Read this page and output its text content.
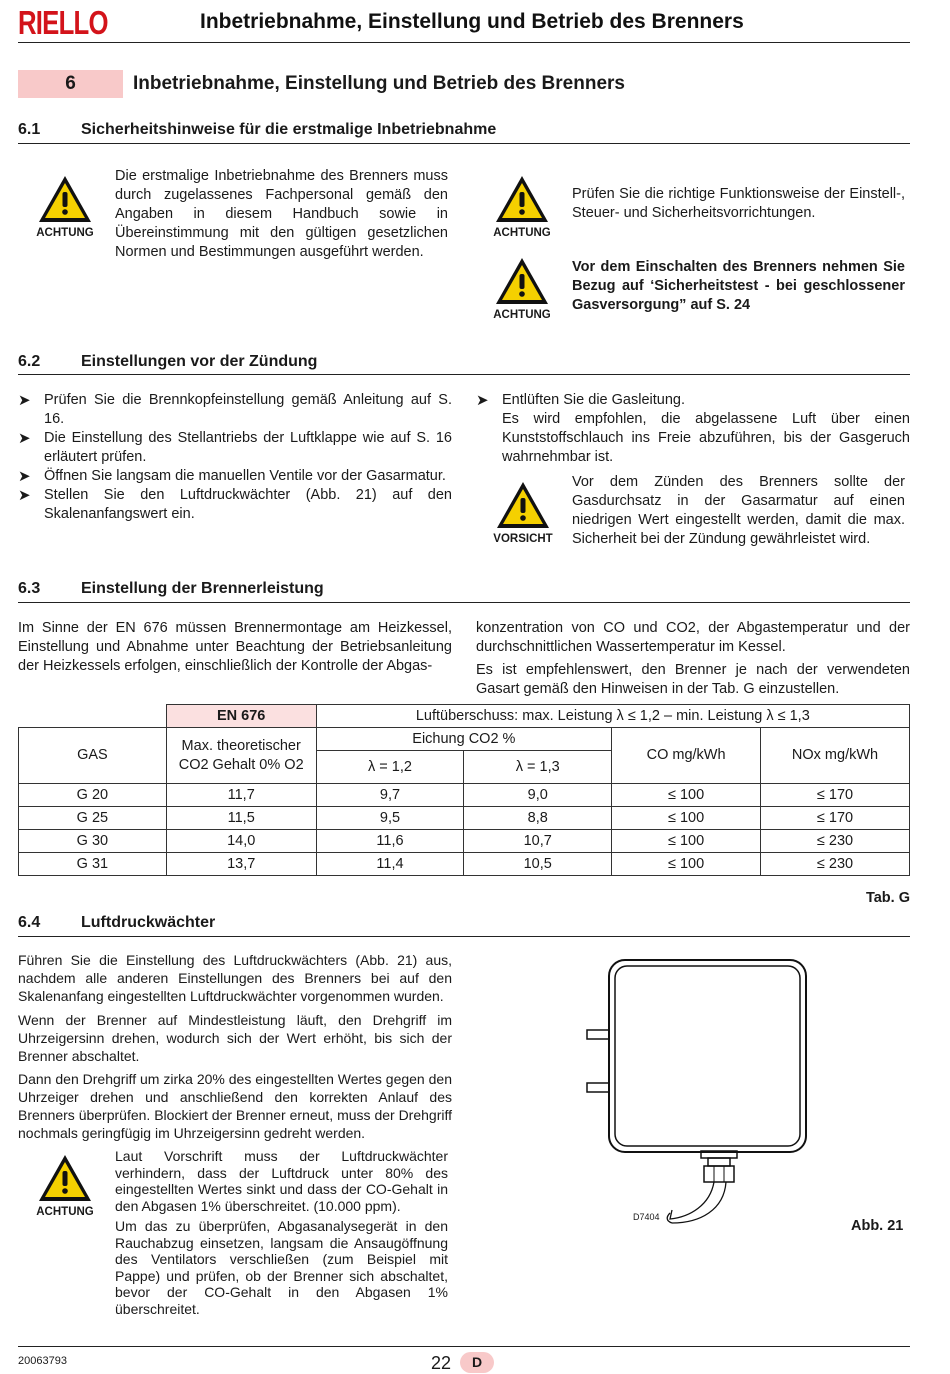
RIELLO	Inbetriebnahme, Einstellung und Betrieb des Brenners
6	Inbetriebnahme, Einstellung und Betrieb des Brenners
6.1	Sicherheitshinweise für die erstmalige Inbetriebnahme
ACHTUNG
Die erstmalige Inbetriebnahme des Brenners muss durch zugelassenes Fachpersonal gemäß den Angaben in diesem Handbuch sowie in Übereinstimmung mit den gültigen gesetzlichen Normen und Bestimmungen ausgeführt werden.
ACHTUNG
Prüfen Sie die richtige Funktionsweise der Einstell-, Steuer- und Sicherheitsvorrichtungen.
ACHTUNG
Vor dem Einschalten des Brenners nehmen Sie Bezug auf ‘Sicherheitstest - bei geschlossener Gasversorgung” auf S. 24
6.2	Einstellungen vor der Zündung
➤ Prüfen Sie die Brennkopfeinstellung gemäß Anleitung auf S. 16.
➤ Die Einstellung des Stellantriebs der Luftklappe wie auf S. 16 erläutert prüfen.
➤ Öffnen Sie langsam die manuellen Ventile vor der Gasarmatur.
➤ Stellen Sie den Luftdruckwächter (Abb. 21) auf den Skalenanfangswert ein.
➤ Entlüften Sie die Gasleitung.
Es wird empfohlen, die abgelassene Luft über einen Kunststoffschlauch ins Freie abzuführen, bis der Gasgeruch wahrnehmbar ist.
VORSICHT
Vor dem Zünden des Brenners sollte der Gasdurchsatz in der Gasarmatur auf einen niedrigen Wert eingestellt werden, damit die max. Sicherheit bei der Zündung gewährleistet wird.
6.3	Einstellung der Brennerleistung
Im Sinne der EN 676 müssen Brennermontage am Heizkessel, Einstellung und Abnahme unter Beachtung der Betriebsanleitung der Heizkessels erfolgen, einschließlich der Kontrolle der Abgas-
konzentration von CO und CO2, der Abgastemperatur und der durchschnittlichen Wassertemperatur im Kessel.
Es ist empfehlenswert, den Brenner je nach der verwendeten Gasart gemäß den Hinweisen in der Tab. G einzustellen.
	EN 676	Luftüberschuss: max. Leistung λ ≤ 1,2 – min. Leistung λ ≤ 1,3			
GAS	Max. theoretischer CO2 Gehalt 0% O2	Eichung CO2 %		CO mg/kWh	NOx mg/kWh
		λ = 1,2	λ = 1,3		
G 20	11,7	9,7	9,0	≤ 100	≤ 170
G 25	11,5	9,5	8,8	≤ 100	≤ 170
G 30	14,0	11,6	10,7	≤ 100	≤ 230
G 31	13,7	11,4	10,5	≤ 100	≤ 230
Tab. G
6.4	Luftdruckwächter
Führen Sie die Einstellung des Luftdruckwächters (Abb. 21) aus, nachdem alle anderen Einstellungen des Brenners bei auf den Skalenanfang eingestellten Luftdruckwächter vorgenommen wurden.
Wenn der Brenner auf Mindestleistung läuft, den Drehgriff im Uhrzeigersinn drehen, wodurch sich der Wert erhöht, bis sich der Brenner abschaltet.
Dann den Drehgriff um zirka 20% des eingestellten Wertes gegen den Uhrzeiger drehen und anschließend den korrekten Anlauf des Brenners überprüfen. Blockiert der Brenner erneut, muss der Drehgriff nochmals geringfügig im Uhrzeigersinn gedreht werden.
ACHTUNG
Laut Vorschrift muss der Luftdruckwächter verhindern, dass der Luftdruck unter 80% des eingestellten Wertes sinkt und dass der CO-Gehalt in den Abgasen 1% überschreitet. (10.000 ppm).
Um das zu überprüfen, Abgasanalysegerät in den Rauchabzug einsetzen, langsam die Ansaugöffnung des Ventilators verschließen (zum Beispiel mit Pappe) und prüfen, ob der Brenner sich abschaltet, bevor der CO-Gehalt in den Abgasen 1% überschreitet.
D7404
Abb. 21
20063793	22	D
